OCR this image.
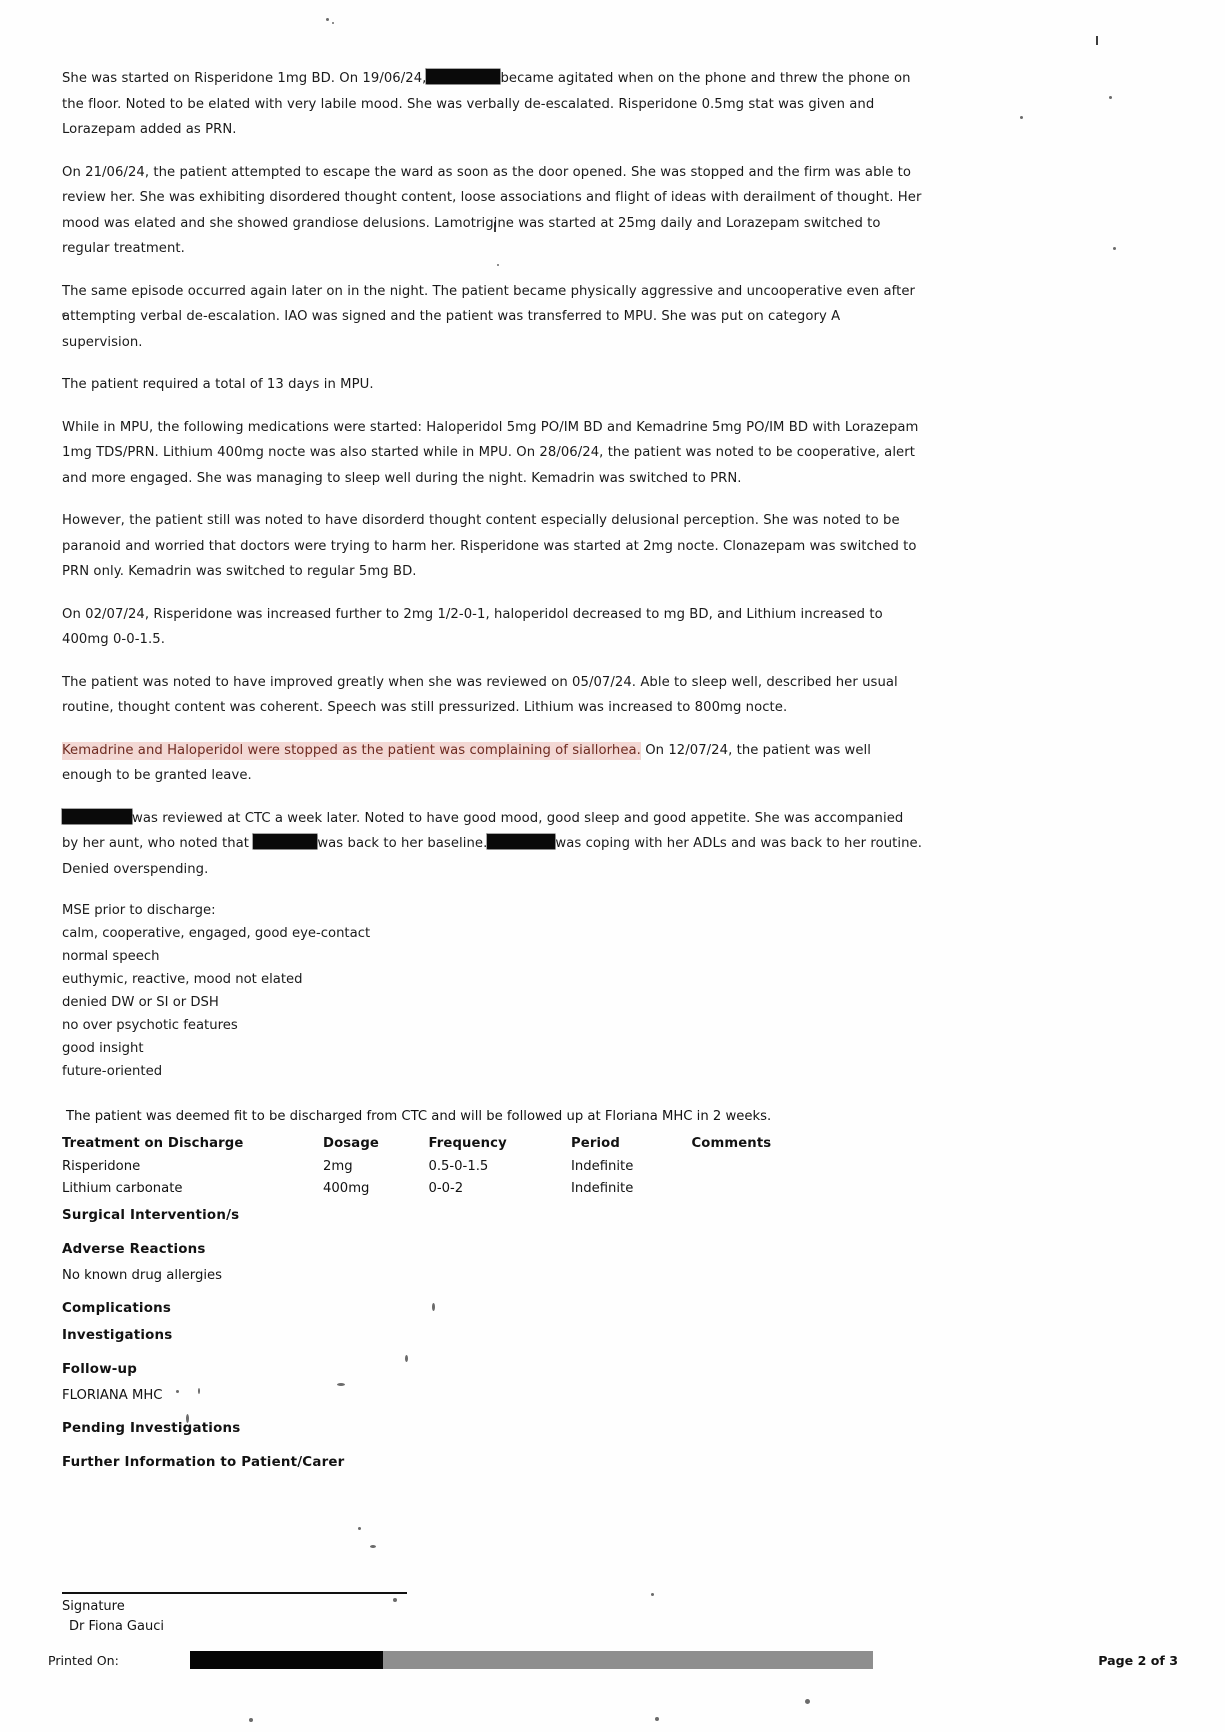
She was started on Risperidone 1mg BD. On 19/06/24,	became agitated when on the phone and threw the phone on the floor. Noted to be elated with very labile mood. She was verbally de-escalated. Risperidone 0.5mg stat was given and Lorazepam added as PRN.

On 21/06/24, the patient attempted to escape the ward as soon as the door opened. She was stopped and the firm was able to review her. She was exhibiting disordered thought content, loose associations and flight of ideas with derailment of thought. Her mood was elated and she showed grandiose delusions. Lamotrigine was started at 25mg daily and Lorazepam switched to regular treatment.

The same episode occurred again later on in the night. The patient became physically aggressive and uncooperative even after attempting verbal de-escalation. IAO was signed and the patient was transferred to MPU. She was put on category A supervision.

The patient required a total of 13 days in MPU.

While in MPU, the following medications were started: Haloperidol 5mg PO/IM BD and Kemadrine 5mg PO/IM BD with Lorazepam 1mg TDS/PRN. Lithium 400mg nocte was also started while in MPU. On 28/06/24, the patient was noted to be cooperative, alert and more engaged. She was managing to sleep well during the night. Kemadrin was switched to PRN.

However, the patient still was noted to have disorderd thought content especially delusional perception. She was noted to be paranoid and worried that doctors were trying to harm her. Risperidone was started at 2mg nocte. Clonazepam was switched to PRN only. Kemadrin was switched to regular 5mg BD.

On 02/07/24, Risperidone was increased further to 2mg 1/2-0-1, haloperidol decreased to mg BD, and Lithium increased to 400mg 0-0-1.5.

The patient was noted to have improved greatly when she was reviewed on 05/07/24. Able to sleep well, described her usual routine, thought content was coherent. Speech was still pressurized. Lithium was increased to 800mg nocte.

Kemadrine and Haloperidol were stopped as the patient was complaining of siallorhea. On 12/07/24, the patient was well enough to be granted leave.

was reviewed at CTC a week later. Noted to have good mood, good sleep and good appetite. She was accompanied by her aunt, who noted that	was back to her baseline.	was coping with her ADLs and was back to her routine. Denied overspending.

MSE prior to discharge:
calm, cooperative, engaged, good eye-contact
normal speech
euthymic, reactive, mood not elated
denied DW or SI or DSH
no over psychotic features
good insight
future-oriented

The patient was deemed fit to be discharged from CTC and will be followed up at Floriana MHC in 2 weeks.

Treatment on Discharge	Dosage	Frequency	Period	Comments
Risperidone	2mg	0.5-0-1.5	Indefinite	
Lithium carbonate	400mg	0-0-2	Indefinite	
Surgical Intervention/s
Adverse Reactions
No known drug allergies
Complications
Investigations
Follow-up
FLORIANA MHC
Pending Investigations
Further Information to Patient/Carer
Signature
Dr Fiona Gauci
Printed On:	Page 2 of 3
